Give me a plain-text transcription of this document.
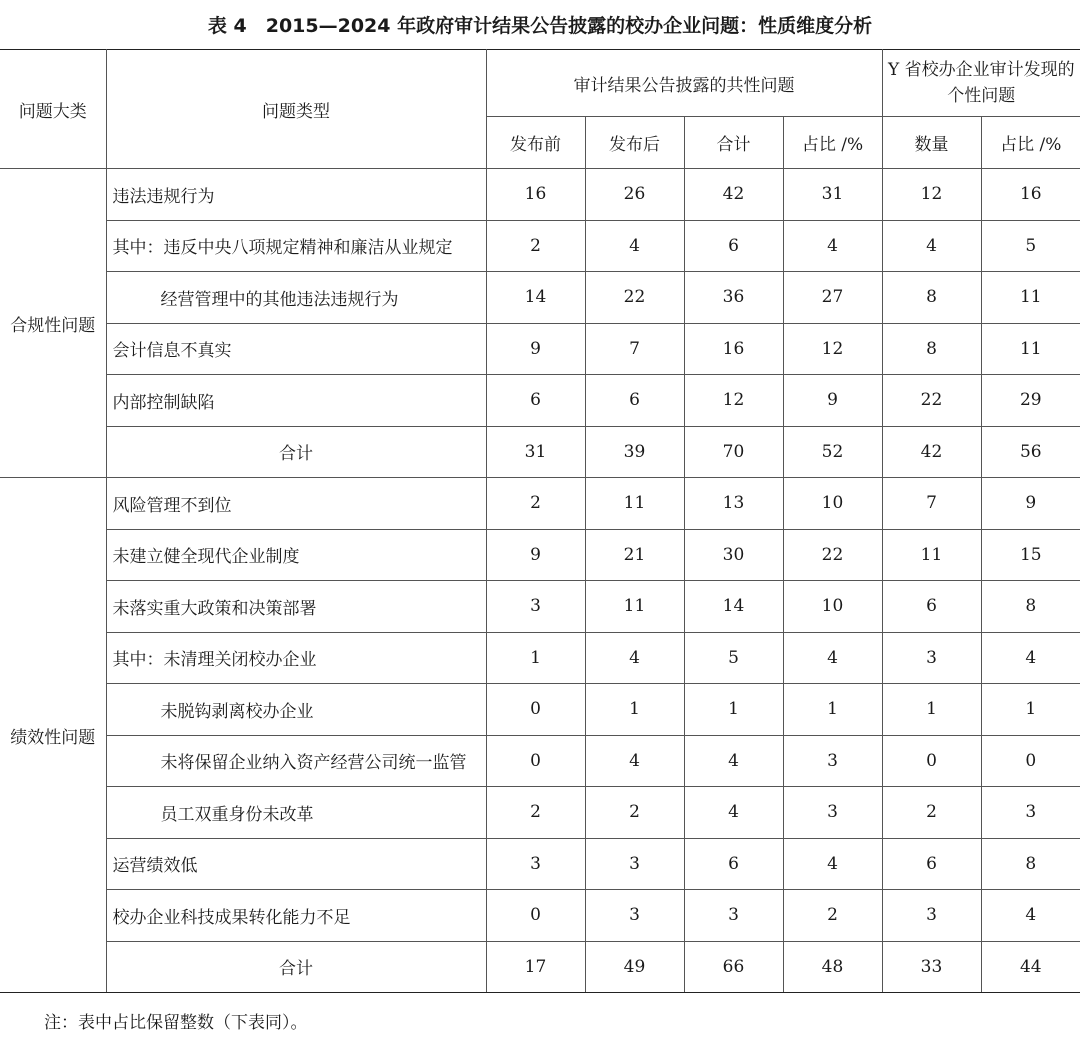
表 4　2015—2024 年政府审计结果公告披露的校办企业问题：性质维度分析
问题大类	问题类型	审计结果公告披露的共性问题				Y 省校办企业审计发现的个性问题	
		发布前	发布后	合计	占比 /%	数量	占比 /%
合规性问题	违法违规行为	16	26	42	31	12	16
	其中：违反中央八项规定精神和廉洁从业规定	2	4	6	4	4	5
	经营管理中的其他违法违规行为	14	22	36	27	8	11
	会计信息不真实	9	7	16	12	8	11
	内部控制缺陷	6	6	12	9	22	29
	合计	31	39	70	52	42	56
绩效性问题	风险管理不到位	2	11	13	10	7	9
	未建立健全现代企业制度	9	21	30	22	11	15
	未落实重大政策和决策部署	3	11	14	10	6	8
	其中：未清理关闭校办企业	1	4	5	4	3	4
	未脱钩剥离校办企业	0	1	1	1	1	1
	未将保留企业纳入资产经营公司统一监管	0	4	4	3	0	0
	员工双重身份未改革	2	2	4	3	2	3
	运营绩效低	3	3	6	4	6	8
	校办企业科技成果转化能力不足	0	3	3	2	3	4
	合计	17	49	66	48	33	44
注：表中占比保留整数（下表同）。
